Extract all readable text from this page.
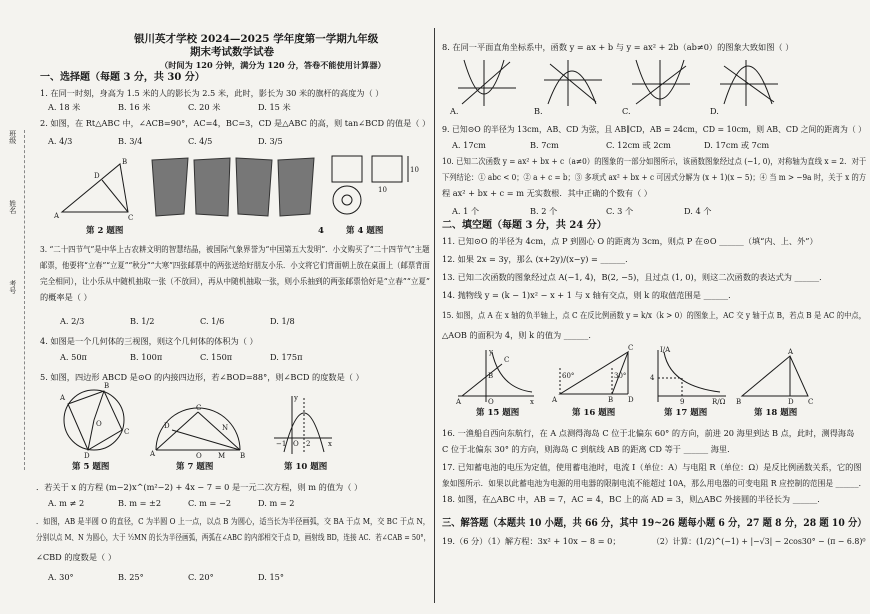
班级
姓名
考号
银川英才学校 2024—2025 学年度第一学期九年级
期末考试数学试卷
（时间为 120 分钟，满分为 120 分，答卷不能使用计算器）
一、选择题（每题 3 分，共 30 分）
1. 在同一时刻，身高为 1.5 米的人的影长为 2.5 米，此时，影长为 30 米的旗杆的高度为（ ）
A. 18 米	B. 16 米	C. 20 米	D. 15 米
2. 如图，在 Rt△ABC 中，∠ACB=90°，AC=4，BC=3，CD 是△ABC 的高，则 tan∠BCD 的值是（ ）
A. 4/3	B. 3/4	C. 4/5	D. 3/5
A
B
C
D
第 2 题图	4
10
10
第 4 题图
3. “二十四节气”是中华上古农耕文明的智慧结晶，被国际气象界誉为“中国第五大发明”．小文购买了“二十四节气”主题
邮票，他要将“立春”“立夏”“秋分”“大寒”四张邮票中的两张送给好朋友小乐．小文将它们背面朝上放在桌面上（邮票背面
完全相同），让小乐从中随机抽取一张（不放回），再从中随机抽取一张，则小乐抽到的两张邮票恰好是“立春”“立夏”
的概率是（ ）
A. 2/3	B. 1/2	C. 1/6	D. 1/8
4. 如图是一个几何体的三视图，则这个几何体的体积为（ ）
A. 50π	B. 100π	C. 150π	D. 175π
5. 如图，四边形 ABCD 是⊙O 的内接四边形，若∠BOD=88°，则∠BCD 的度数是（ ）
A
B
C
D
O
第 5 题图
A	B
C
D
M
N
O
第 7 题图
−1 O 2	x
y
第 10 题图
．若关于 x 的方程 (m−2)x^(m²−2) + 4x − 7 = 0 是一元二次方程，则 m 的值为（ ）
A. m ≠ 2	B. m = ±2	C. m = −2	D. m = 2
．如图，AB 是半圆 O 的直径，C 为半圆 O 上一点，以点 B 为圆心，适当长为半径画弧，交 BA 于点 M，交 BC 于点 N，
分别以点 M、N 为圆心，大于 ½MN 的长为半径画弧，两弧在∠ABC 的内部相交于点 D，画射线 BD，连接 AC．若∠CAB = 50°，
∠CBD 的度数是（ ）
A. 30°	B. 25°	C. 20°	D. 15°
8. 在同一平面直角坐标系中，函数 y = ax + b 与 y = ax² + 2b（ab≠0）的图象大致如图（ ）
A.	B.	C.	D.
9. 已知⊙O 的半径为 13cm，AB、CD 为弦，且 AB∥CD，AB = 24cm，CD = 10cm，则 AB、CD 之间的距离为（ ）
A. 17cm	B. 7cm	C. 12cm 或 2cm	D. 17cm 或 7cm
10. 已知二次函数 y = ax² + bx + c（a≠0）的图象的一部分如图所示，该函数图象经过点 (−1, 0)，对称轴为直线 x = 2．对于
下列结论：① abc < 0；② a + c = b；③ 多项式 ax² + bx + c 可因式分解为 (x + 1)(x − 5)；④ 当 m > −9a 时，关于 x 的方
程 ax² + bx + c = m 无实数根．其中正确的个数有（ ）
A. 1 个	B. 2 个	C. 3 个	D. 4 个
二、填空题（每题 3 分，共 24 分）
11. 已知⊙O 的半径为 4cm，点 P 到圆心 O 的距离为 3cm，则点 P 在⊙O ______（填“内、上、外”）
12. 如果 2x = 3y，那么 (x+2y)/(x−y) = ______．
13. 已知二次函数的图象经过点 A(−1, 4)，B(2, −5)，且过点 (1, 0)，则这二次函数的表达式为 ______．
14. 抛物线 y = (k − 1)x² − x + 1 与 x 轴有交点，则 k 的取值范围是 ______．
15. 如图，点 A 在 x 轴的负半轴上，点 C 在反比例函数 y = k/x（k > 0）的图象上，AC 交 y 轴于点 B，若点 B 是 AC 的中点，
△AOB 的面积为 4，则 k 的值为 ______．
A
B
C
O	x
y
第 15 题图
A	B
C
D
60°	30°
第 16 题图
I/A
R/Ω
4
9
第 17 题图
A
B	C
D
第 18 题图
16. 一渔船自西向东航行，在 A 点测得海岛 C 位于北偏东 60° 的方向，前进 20 海里到达 B 点，此时，测得海岛
C 位于北偏东 30° 的方向，则海岛 C 到航线 AB 的距离 CD 等于 ______ 海里．
17. 已知蓄电池的电压为定值，使用蓄电池时，电流 I（单位：A）与电阻 R（单位：Ω）是反比例函数关系，它的图
象如图所示．如果以此蓄电池为电源的用电器的限制电流不能超过 10A，那么用电器的可变电阻 R 应控制的范围是 ______．
18. 如图，在△ABC 中，AB = 7，AC = 4，BC 上的高 AD = 3，则△ABC 外接圆的半径长为 ______．
三、解答题（本题共 10 小题，共 66 分，其中 19~26 题每小题 6 分，27 题 8 分，28 题 10 分）
19.（6 分）（1）解方程：3x² + 10x − 8 = 0；	（2）计算：(1/2)^(−1) + |−√3| − 2cos30° − (π − 6.8)⁰
